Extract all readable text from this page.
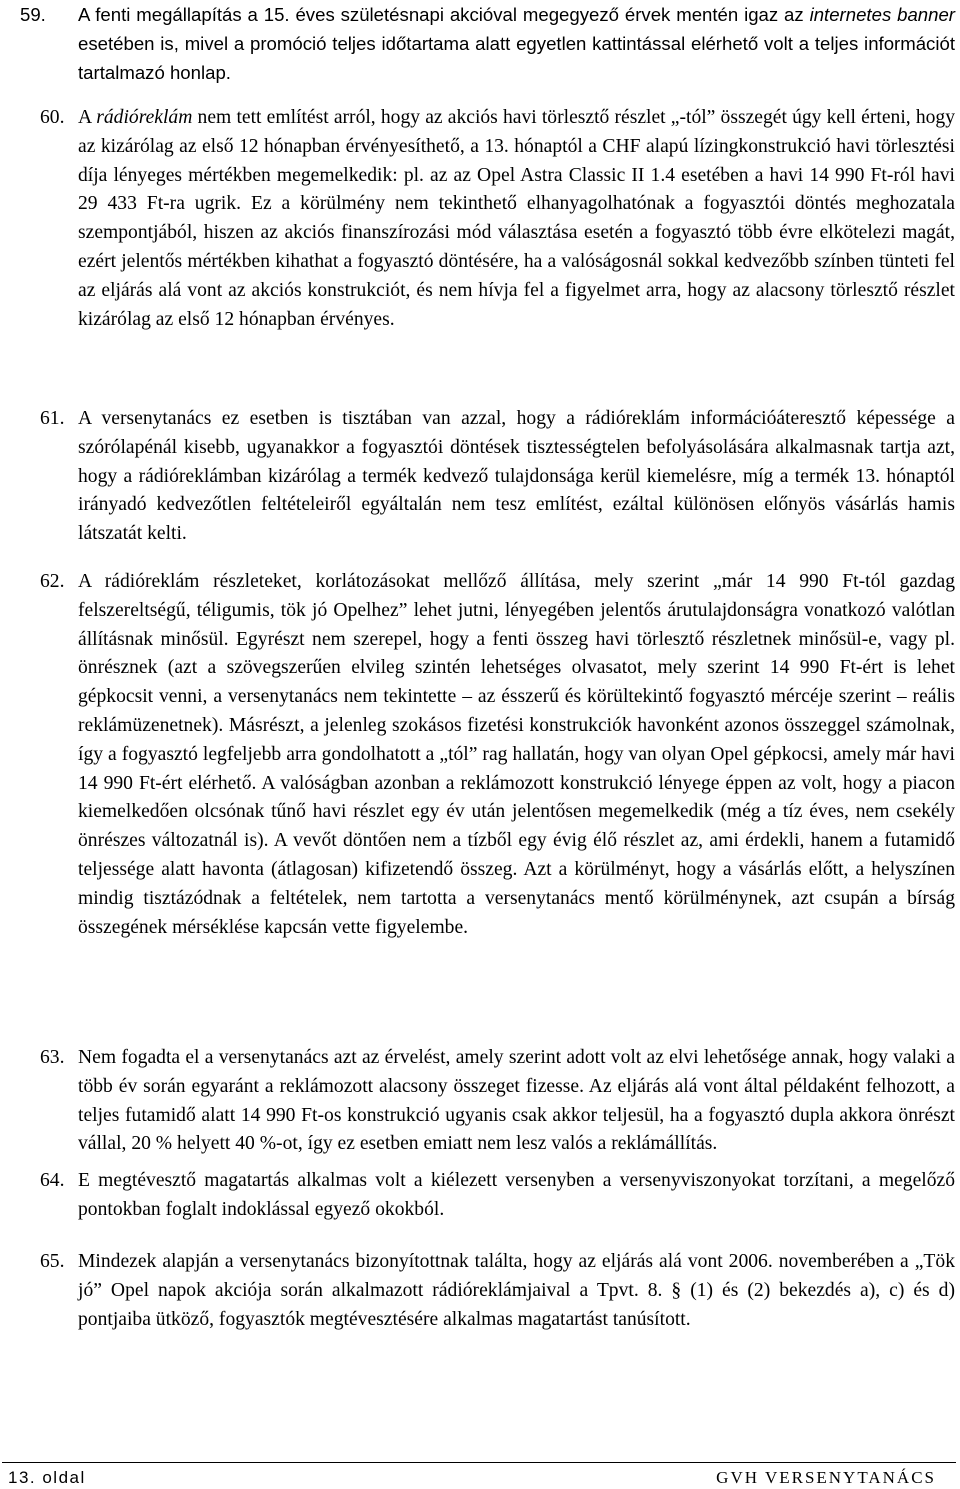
59.	A fenti megállapítás a 15. éves születésnapi akcióval megegyező érvek mentén igaz az internetes banner esetében is, mivel a promóció teljes időtartama alatt egyetlen kattintással elérhető volt a teljes információt tartalmazó honlap.
60. A rádióreklám nem tett említést arról, hogy az akciós havi törlesztő részlet „-tól” összegét úgy kell érteni, hogy az kizárólag az első 12 hónapban érvényesíthető, a 13. hónaptól a CHF alapú lízingkonstrukció havi törlesztési díja lényeges mértékben megemelkedik: pl. az az Opel Astra Classic II 1.4 esetében a havi 14 990 Ft-ról havi 29 433 Ft-ra ugrik. Ez a körülmény nem tekinthető elhanyagolhatónak a fogyasztói döntés meghozatala szempontjából, hiszen az akciós finanszírozási mód választása esetén a fogyasztó több évre elkötelezi magát, ezért jelentős mértékben kihathat a fogyasztó döntésére, ha a valóságosnál sokkal kedvezőbb színben tünteti fel az eljárás alá vont az akciós konstrukciót, és nem hívja fel a figyelmet arra, hogy az alacsony törlesztő részlet kizárólag az első 12 hónapban érvényes.
61. A versenytanács ez esetben is tisztában van azzal, hogy a rádióreklám információáteresztő képessége a szórólapénál kisebb, ugyanakkor a fogyasztói döntések tisztességtelen befolyásolására alkalmasnak tartja azt, hogy a rádióreklámban kizárólag a termék kedvező tulajdonsága kerül kiemelésre, míg a termék 13. hónaptól irányadó kedvezőtlen feltételeiről egyáltalán nem tesz említést, ezáltal különösen előnyös vásárlás hamis látszatát kelti.
62. A rádióreklám részleteket, korlátozásokat mellőző állítása, mely szerint „már 14 990 Ft-tól gazdag felszereltségű, téligumis, tök jó Opelhez” lehet jutni, lényegében jelentős árutulajdonságra vonatkozó valótlan állításnak minősül. Egyrészt nem szerepel, hogy a fenti összeg havi törlesztő részletnek minősül-e, vagy pl. önrésznek (azt a szövegszerűen elvileg szintén lehetséges olvasatot, mely szerint 14 990 Ft-ért is lehet gépkocsit venni, a versenytanács nem tekintette – az ésszerű és körültekintő fogyasztó mércéje szerint – reális reklámüzenetnek). Másrészt, a jelenleg szokásos fizetési konstrukciók havonként azonos összeggel számolnak, így a fogyasztó legfeljebb arra gondolhatott a „tól” rag hallatán, hogy van olyan Opel gépkocsi, amely már havi 14 990 Ft-ért elérhető. A valóságban azonban a reklámozott konstrukció lényege éppen az volt, hogy a piacon kiemelkedően olcsónak tűnő havi részlet egy év után jelentősen megemelkedik (még a tíz éves, nem csekély önrészes változatnál is). A vevőt döntően nem a tízből egy évig élő részlet az, ami érdekli, hanem a futamidő teljessége alatt havonta (átlagosan) kifizetendő összeg. Azt a körülményt, hogy a vásárlás előtt, a helyszínen mindig tisztázódnak a feltételek, nem tartotta a versenytanács mentő körülménynek, azt csupán a bírság összegének mérséklése kapcsán vette figyelembe.
63. Nem fogadta el a versenytanács azt az érvelést, amely szerint adott volt az elvi lehetősége annak, hogy valaki a több év során egyaránt a reklámozott alacsony összeget fizesse. Az eljárás alá vont által példaként felhozott, a teljes futamidő alatt 14 990 Ft-os konstrukció ugyanis csak akkor teljesül, ha a fogyasztó dupla akkora önrészt vállal, 20 % helyett 40 %-ot, így ez esetben emiatt nem lesz valós a reklámállítás.
64. E megtévesztő magatartás alkalmas volt a kiélezett versenyben a versenyviszonyokat torzítani, a megelőző pontokban foglalt indoklással egyező okokból.
65. Mindezek alapján a versenytanács bizonyítottnak találta, hogy az eljárás alá vont 2006. novemberében a „Tök jó” Opel napok akciója során alkalmazott rádióreklámjaival a Tpvt. 8. § (1) és (2) bekezdés a), c) és d) pontjaiba ütköző, fogyasztók megtévesztésére alkalmas magatartást tanúsított.
13. oldal	GVH VERSENYTANÁCS
